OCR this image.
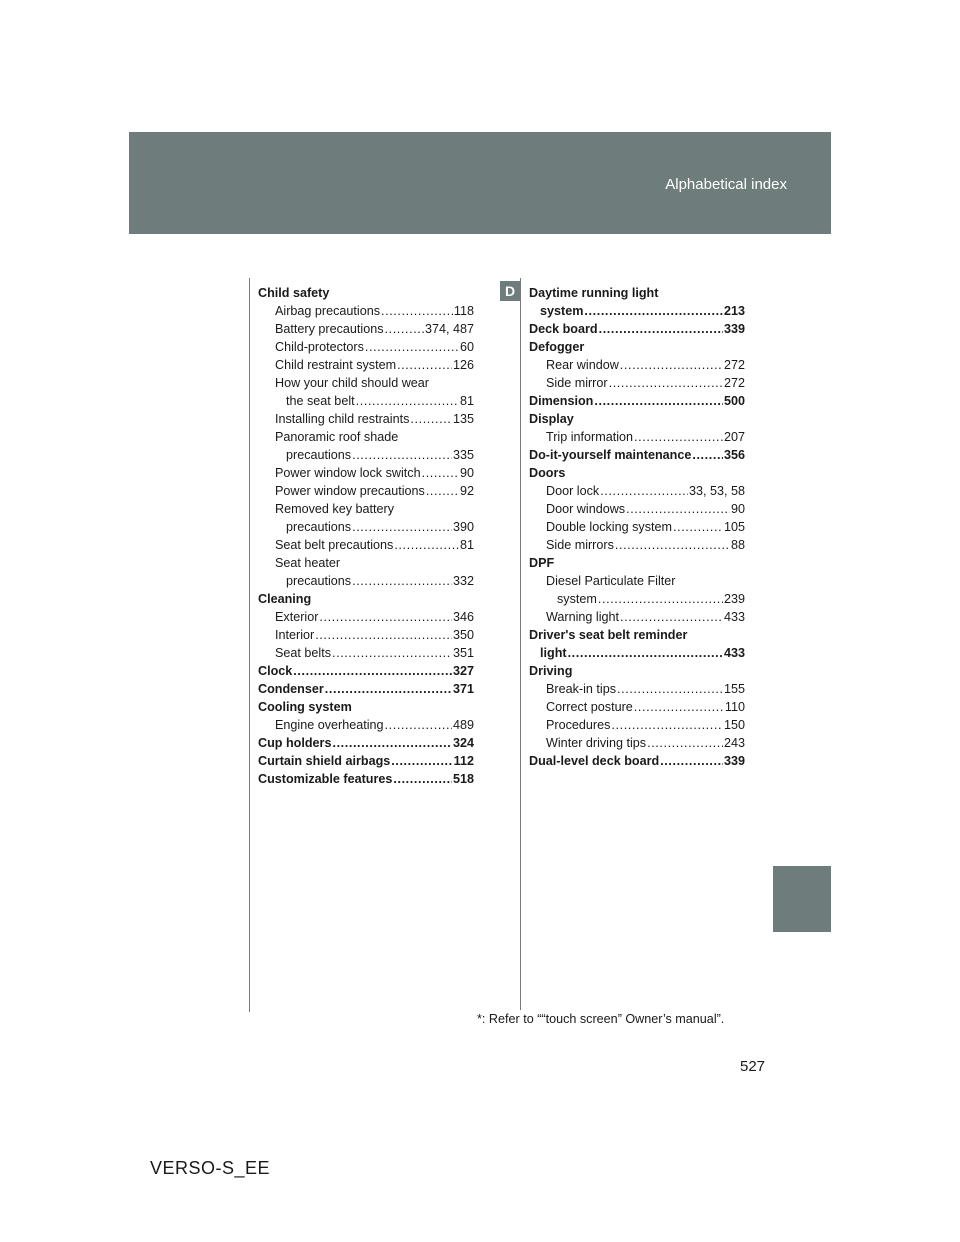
Alphabetical index
Child safety
Airbag precautions .....	118
Battery precautions .....	374, 487
Child-protectors .....	60
Child restraint system .....	126
How your child should wear
the seat belt .....	81
Installing child restraints .....	135
Panoramic roof shade
precautions .....	335
Power window lock switch .....	90
Power window precautions .....	92
Removed key battery
precautions .....	390
Seat belt precautions .....	81
Seat heater
precautions .....	332
Cleaning
Exterior .....	346
Interior .....	350
Seat belts .....	351
Clock .....	327
Condenser .....	371
Cooling system
Engine overheating .....	489
Cup holders .....	324
Curtain shield airbags .....	112
Customizable features .....	518
D	Daytime running light
system .....	213
Deck board .....	339
Defogger
Rear window .....	272
Side mirror .....	272
Dimension .....	500
Display
Trip information .....	207
Do-it-yourself maintenance .....	356
Doors
Door lock .....	33, 53, 58
Door windows .....	90
Double locking system .....	105
Side mirrors .....	88
DPF
Diesel Particulate Filter
system .....	239
Warning light .....	433
Driver's seat belt reminder
light .....	433
Driving
Break-in tips .....	155
Correct posture .....	110
Procedures .....	150
Winter driving tips .....	243
Dual-level deck board .....	339
*: Refer to ““touch screen” Owner’s manual”.
527
VERSO-S_EE
